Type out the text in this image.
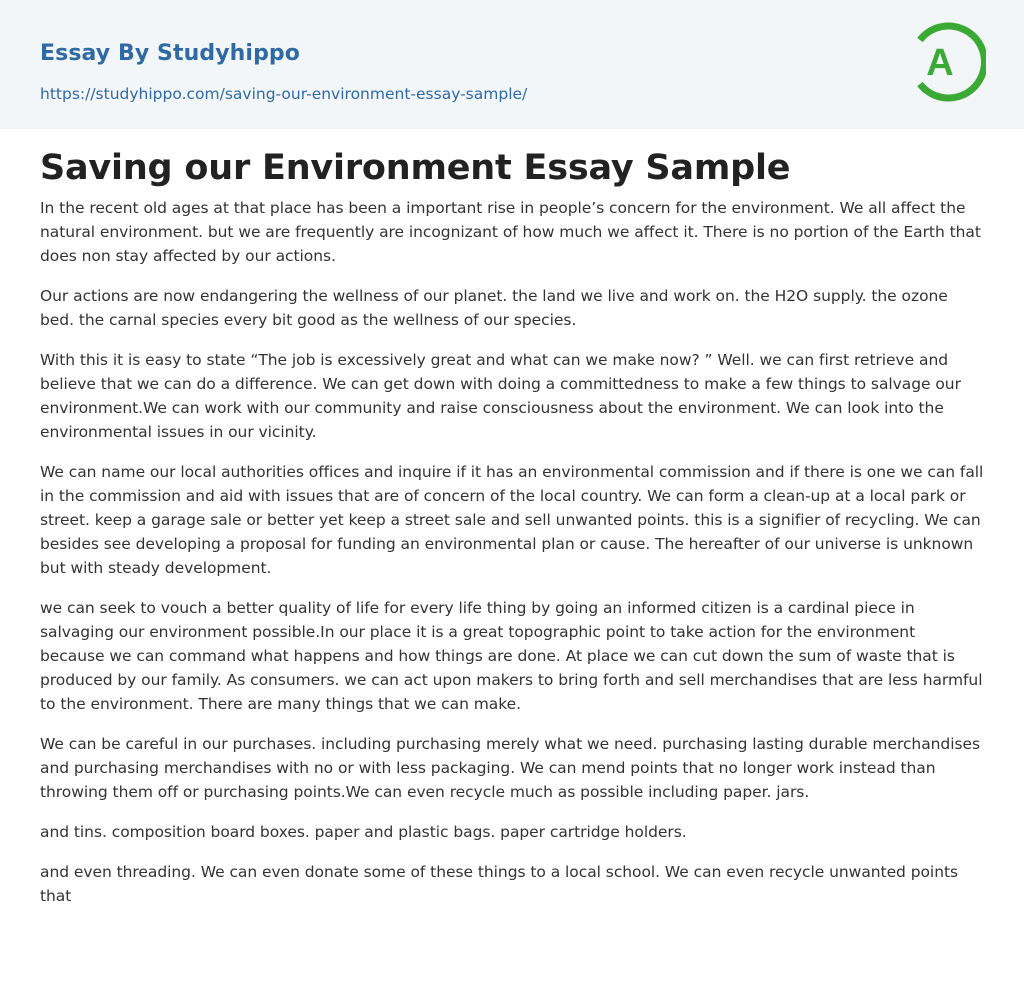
Essay By Studyhippo
https://studyhippo.com/saving-our-environment-essay-sample/
A
Saving our Environment Essay Sample

In the recent old ages at that place has been a important rise in people’s concern for the environment. We all affect the natural environment. but we are frequently are incognizant of how much we affect it. There is no portion of the Earth that does non stay affected by our actions.

Our actions are now endangering the wellness of our planet. the land we live and work on. the H2O supply. the ozone bed. the carnal species every bit good as the wellness of our species.

With this it is easy to state “The job is excessively great and what can we make now? ” Well. we can first retrieve and believe that we can do a difference. We can get down with doing a committedness to make a few things to salvage our environment.We can work with our community and raise consciousness about the environment. We can look into the environmental issues in our vicinity.

We can name our local authorities offices and inquire if it has an environmental commission and if there is one we can fall in the commission and aid with issues that are of concern of the local country. We can form a clean-up at a local park or street. keep a garage sale or better yet keep a street sale and sell unwanted points. this is a signifier of recycling. We can besides see developing a proposal for funding an environmental plan or cause. The hereafter of our universe is unknown but with steady development.

we can seek to vouch a better quality of life for every life thing by going an informed citizen is a cardinal piece in salvaging our environment possible.In our place it is a great topographic point to take action for the environment because we can command what happens and how things are done. At place we can cut down the sum of waste that is produced by our family. As consumers. we can act upon makers to bring forth and sell merchandises that are less harmful to the environment. There are many things that we can make.

We can be careful in our purchases. including purchasing merely what we need. purchasing lasting durable merchandises and purchasing merchandises with no or with less packaging. We can mend points that no longer work instead than throwing them off or purchasing points.We can even recycle much as possible including paper. jars.

and tins. composition board boxes. paper and plastic bags. paper cartridge holders.

and even threading. We can even donate some of these things to a local school. We can even recycle unwanted points that
